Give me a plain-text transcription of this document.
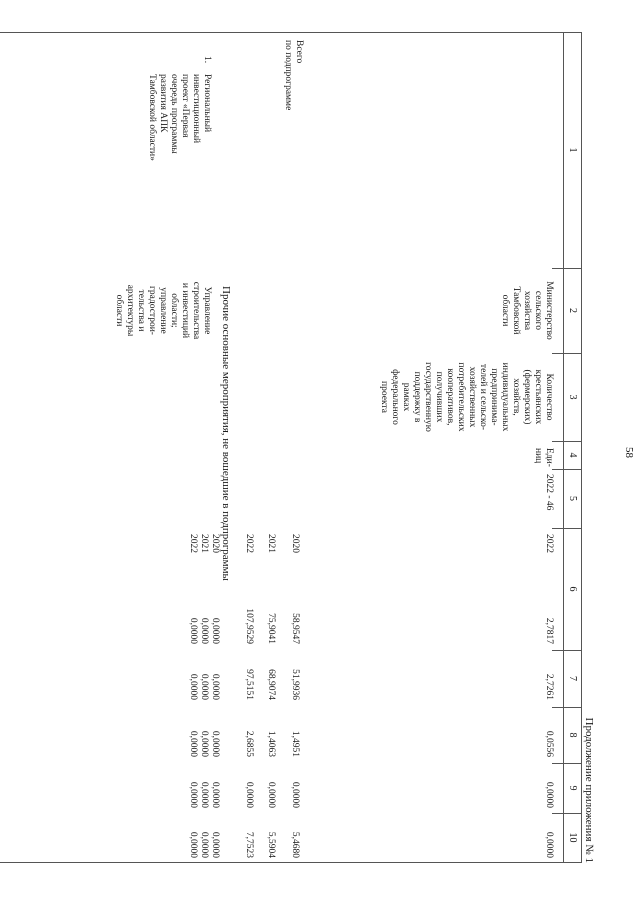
58
Продолжение приложения № 1
1
2
3
4
5
6
7
8
9
10
Министерство
сельского
хозяйства
Тамбовской
области
Количество
крестьянских
(фермерских)
хозяйств,
индивидуальных
предпринима-
телей и сельско-
хозяйственных
потребительских
кооперативов,
получивших
государственную
поддержку в
рамках
федерального
проекта
Еди-
ниц
2022 - 46
2022
2,7817
2,7261
0,0556
0,0000
0,0000
Всего
по подпрограмме
2020
58,9547
51,9936
1,4951
0,0000
5,4680
2021
75,9041
68,9074
1,4063
0,0000
5,5904
2022
107,9529
97,5151
2,6855
0,0000
7,7523
Прочие основные мероприятия, не вошедшие в подпрограммы
1.
Региональный
инвестиционный
проект «Первая
очередь программы
развития АПК
Тамбовской области»
Управление
строительства
и инвестиций
области;
управление
градострои-
тельства и
архитектуры
области
2020
2021
2022
0,0000
0,0000
0,0000
0,0000
0,0000
0,0000
0,0000
0,0000
0,0000
0,0000
0,0000
0,0000
0,0000
0,0000
0,0000
